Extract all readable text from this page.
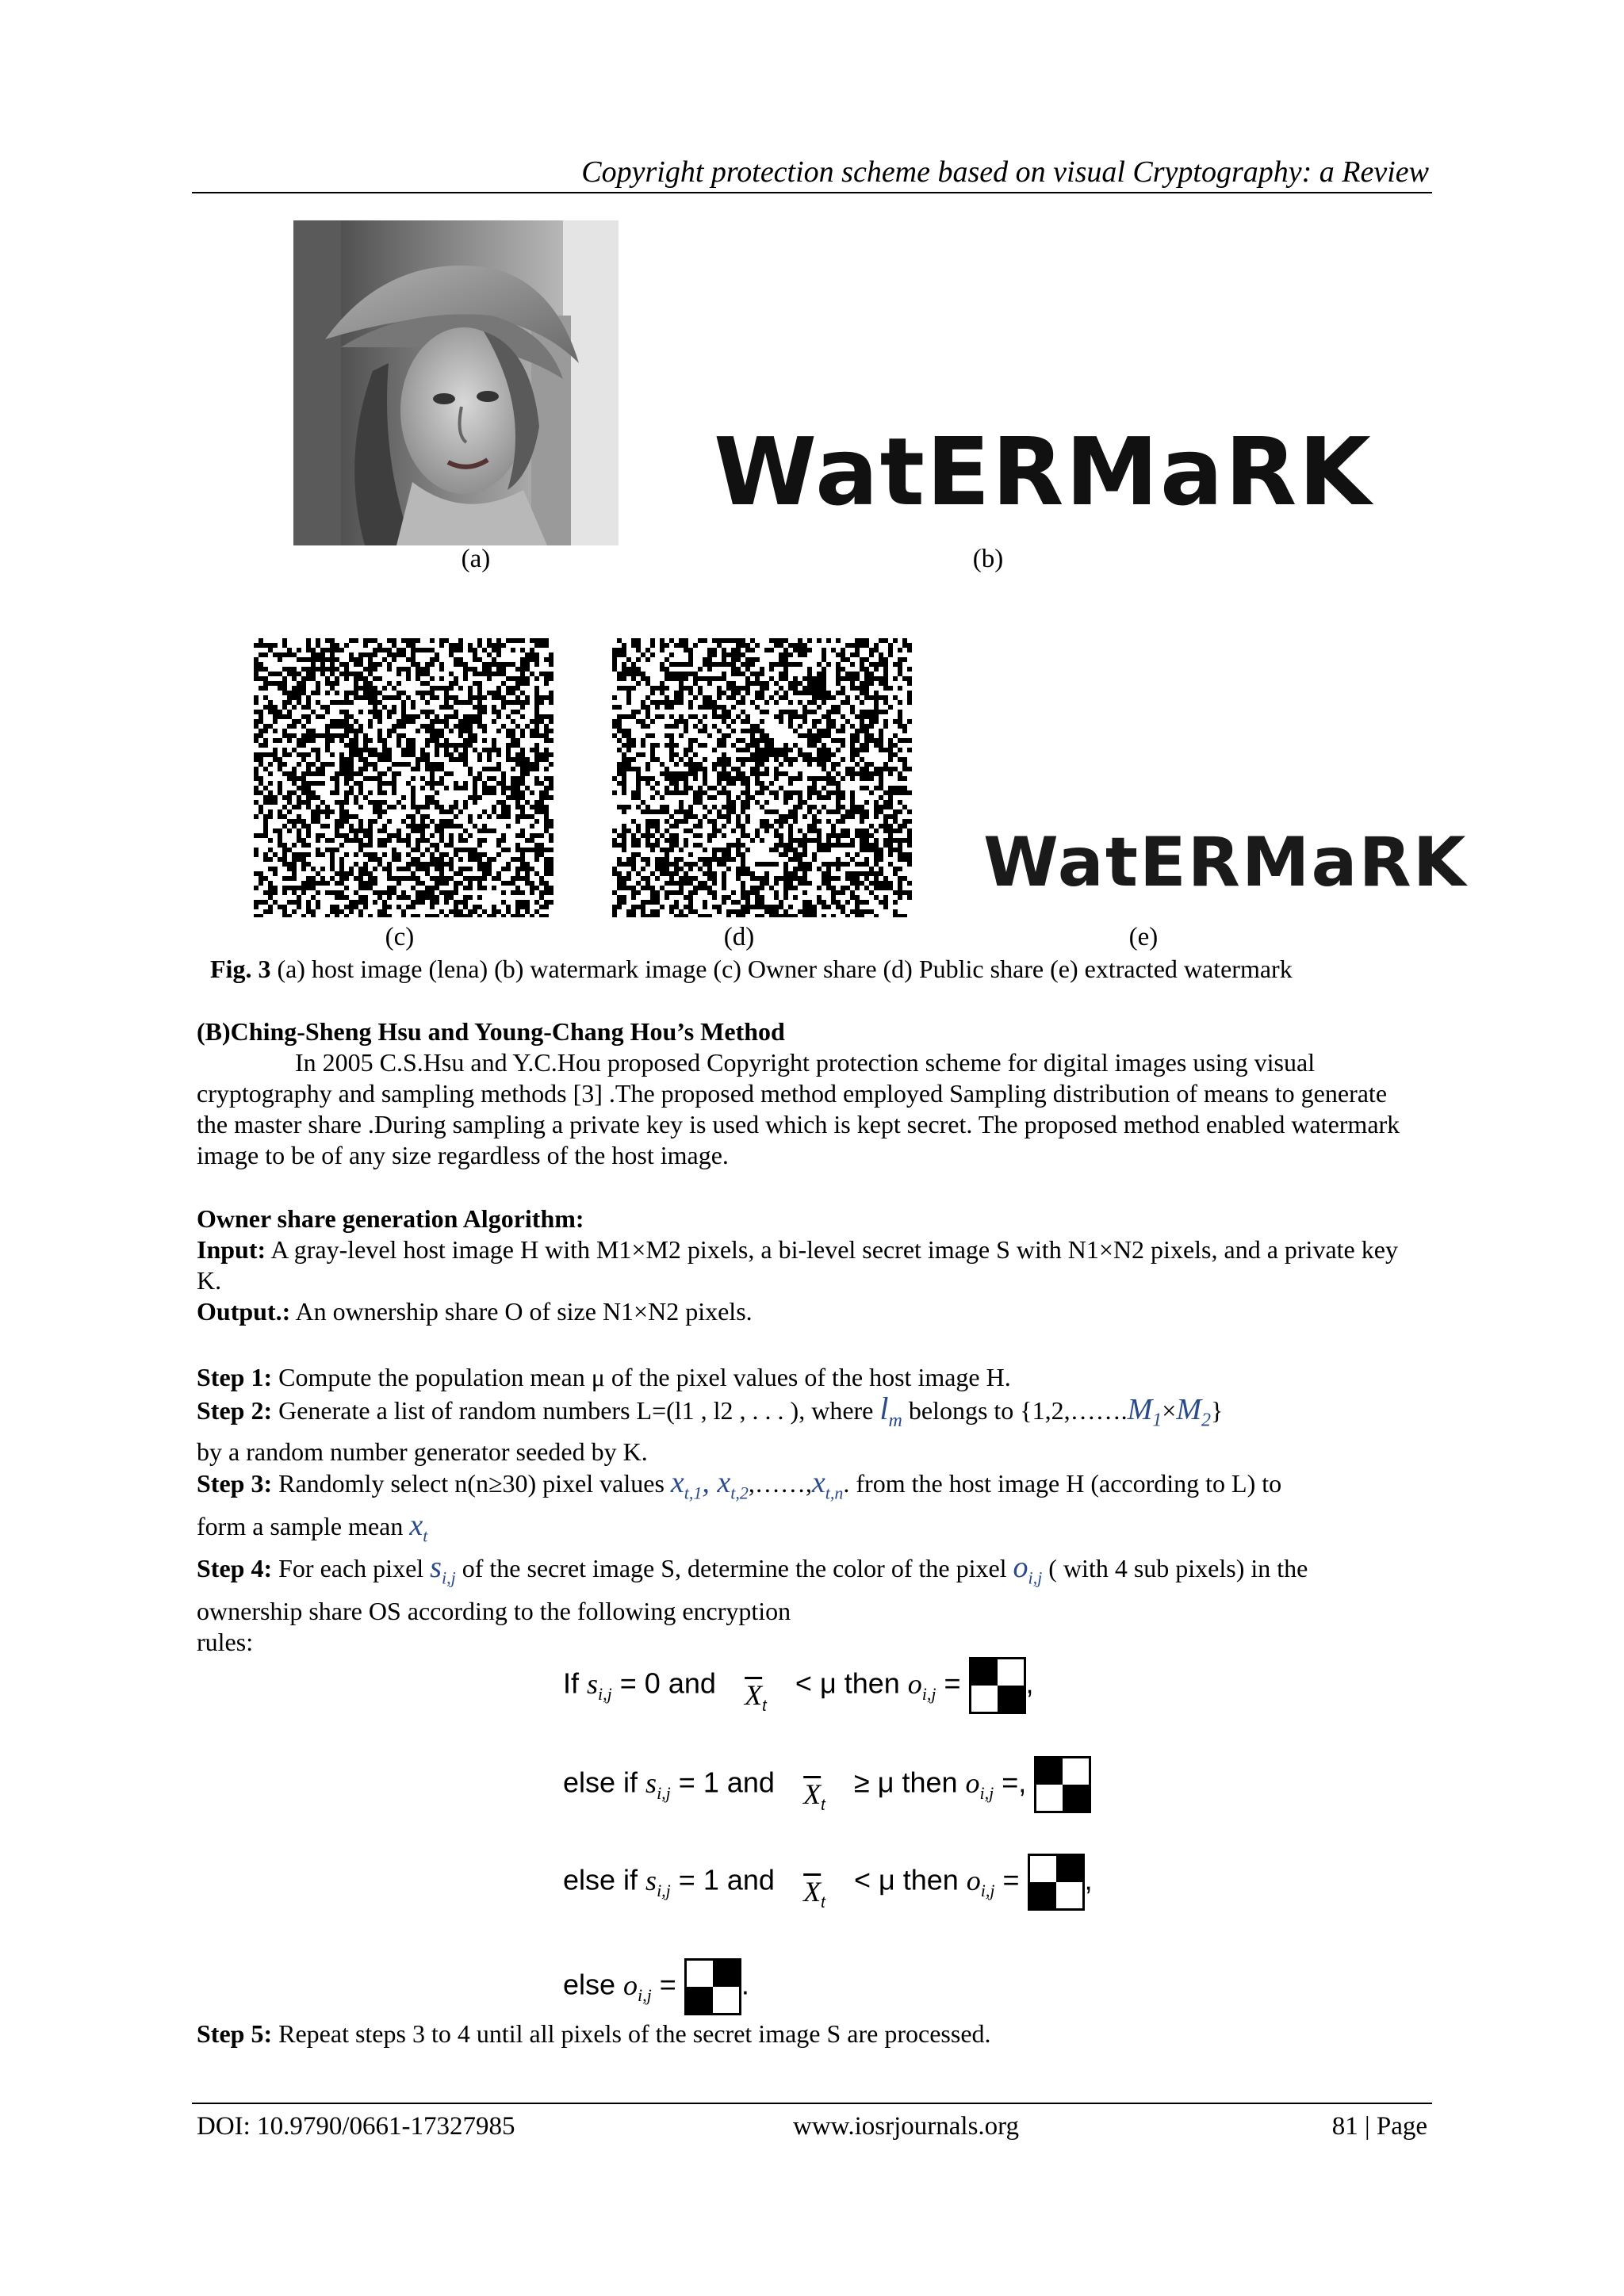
Copyright protection scheme based on visual Cryptography: a Review
(a)
WatERMaRK
(b)
(c)	(d)
WatERMaRK
(e)
Fig. 3 (a) host image (lena) (b) watermark image (c) Owner share (d) Public share (e) extracted watermark
(B)Ching-Sheng Hsu and Young-Chang Hou’s Method
In 2005 C.S.Hsu and Y.C.Hou proposed Copyright protection scheme for digital images using visual cryptography and sampling methods [3] .The proposed method employed Sampling distribution of means to generate the master share .During sampling a private key is used which is kept secret. The proposed method enabled watermark image to be of any size regardless of the host image.
Owner share generation Algorithm:
Input: A gray-level host image H with M1×M2 pixels, a bi-level secret image S with N1×N2 pixels, and a private key K.
Output.: An ownership share O of size N1×N2 pixels.
Step 1: Compute the population mean μ of the pixel values of the host image H.
Step 2: Generate a list of random numbers L=(l1 , l2 , . . . ), where $l_m$ belongs to $\{1,2,\dots\dots.M_1\times M_2\}$
by a random number generator seeded by K.
Step 3: Randomly select n(n≥30) pixel values $x_{t,1}$, $x_{t,2},\dots\dots,x_{t,n}$. from the host image H (according to L) to
form a sample mean $x_t$
Step 4: For each pixel $s_{i,j}$ of the secret image S, determine the color of the pixel $o_{i,j}$ ( with 4 sub pixels) in the
ownership share OS according to the following encryption
rules:
If $s_{i,j} = 0$ and $\overline{X}_t < \mu$ then $o_{i,j}$ = ,
else if $s_{i,j} = 1$ and $\overline{X}_t \ge \mu$ then $o_{i,j}$ =,
else if $s_{i,j} = 1$ and $\overline{X}_t < \mu$ then $o_{i,j}$ = ,
else $o_{i,j}$ = .
Step 5: Repeat steps 3 to 4 until all pixels of the secret image S are processed.
DOI: 10.9790/0661-17327985	www.iosrjournals.org	81 | Page
